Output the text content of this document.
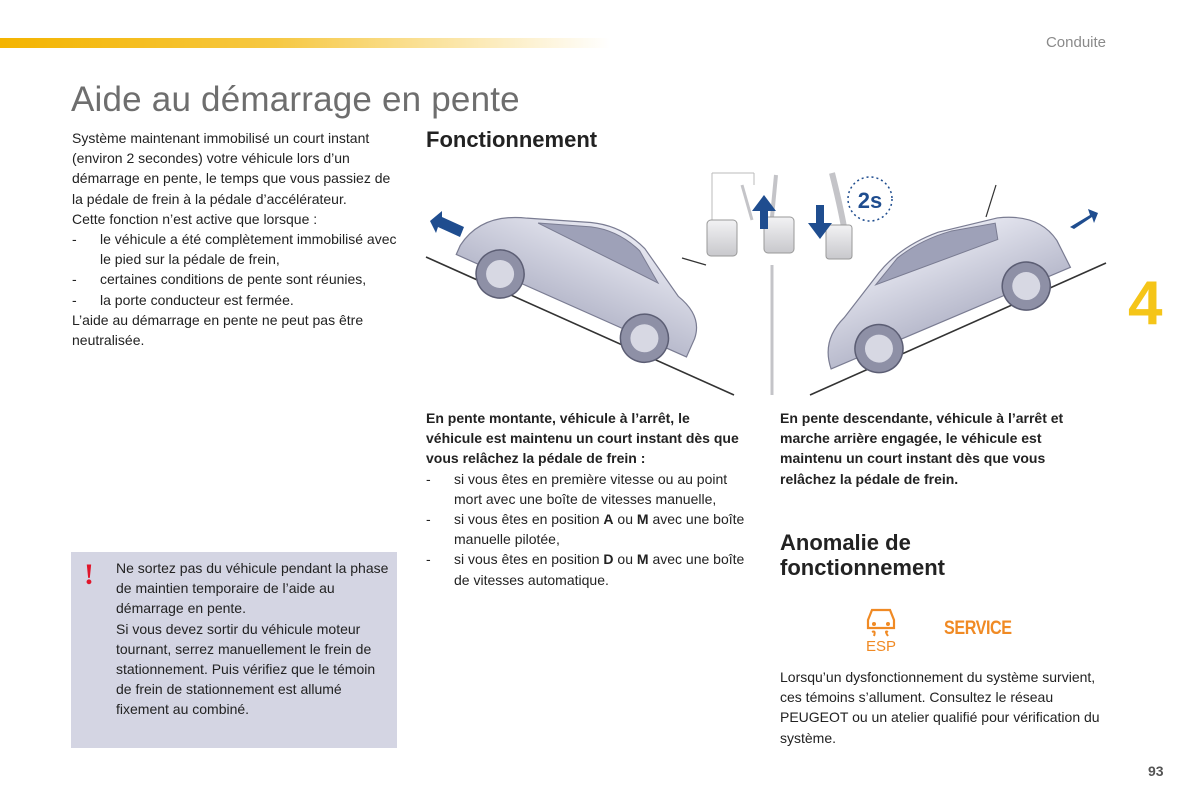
Conduite
Aide au démarrage en pente

Système maintenant immobilisé un court instant (environ 2 secondes) votre véhicule lors d’un démarrage en pente, le temps que vous passiez de la pédale de frein à la pédale d’accélérateur.

Cette fonction n’est active que lorsque :

- le véhicule a été complètement immobilisé avec le pied sur la pédale de frein,
- certaines conditions de pente sont réunies,
- la porte conducteur est fermée.

L’aide au démarrage en pente ne peut pas être neutralisée.

! Ne sortez pas du véhicule pendant la phase de maintien temporaire de l’aide au démarrage en pente.
Si vous devez sortir du véhicule moteur tournant, serrez manuellement le frein de stationnement. Puis vérifiez que le témoin de frein de stationnement est allumé fixement au combiné.
Fonctionnement
2s

En pente montante, véhicule à l’arrêt, le véhicule est maintenu un court instant dès que vous relâchez la pédale de frein :

- si vous êtes en première vitesse ou au point mort avec une boîte de vitesses manuelle,
- si vous êtes en position A ou M avec une boîte manuelle pilotée,
- si vous êtes en position D ou M avec une boîte de vitesses automatique.
En pente descendante, véhicule à l’arrêt et marche arrière engagée, le véhicule est maintenu un court instant dès que vous relâchez la pédale de frein.
Anomalie de
fonctionnement
ESP
SERVICE
Lorsqu’un dysfonctionnement du système survient, ces témoins s’allument. Consultez le réseau PEUGEOT ou un atelier qualifié pour vérification du système.
4
93
